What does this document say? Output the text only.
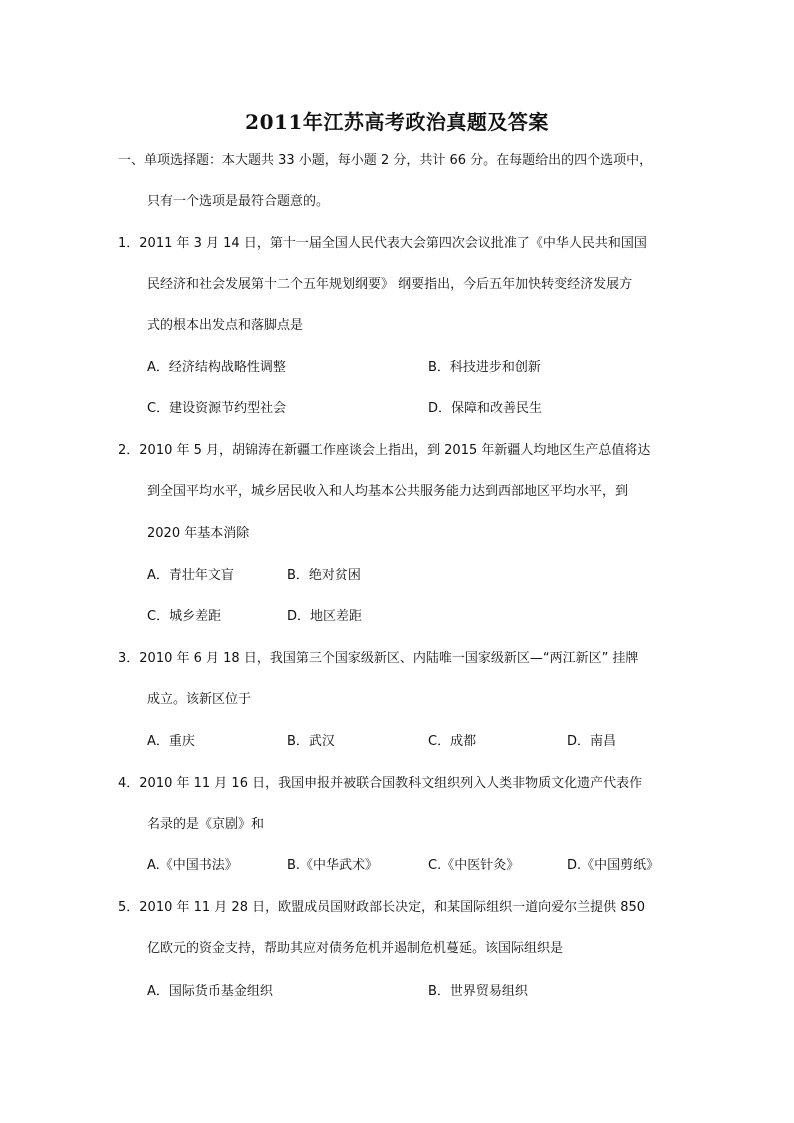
2011年江苏高考政治真题及答案
一、单项选择题：本大题共 33 小题，每小题 2 分，共计 66 分。在每题给出的四个选项中，
只有一个选项是最符合题意的。
1．2011 年 3 月 14 日，第十一届全国人民代表大会第四次会议批准了《中华人民共和国国
民经济和社会发展第十二个五年规划纲要》 纲要指出，今后五年加快转变经济发展方
式的根本出发点和落脚点是
A．经济结构战略性调整	B．科技进步和创新
C．建设资源节约型社会	D．保障和改善民生
2．2010 年 5 月，胡锦涛在新疆工作座谈会上指出，到 2015 年新疆人均地区生产总值将达
到全国平均水平，城乡居民收入和人均基本公共服务能力达到西部地区平均水平，到
2020 年基本消除
A．青壮年文盲	B．绝对贫困
C．城乡差距	D．地区差距
3．2010 年 6 月 18 日，我国第三个国家级新区、内陆唯一国家级新区—“两江新区” 挂牌
成立。该新区位于
A．重庆	B．武汉	C．成都	D．南昌
4．2010 年 11 月 16 日，我国申报并被联合国教科文组织列入人类非物质文化遗产代表作
名录的是《京剧》和
A.《中国书法》	B.《中华武术》	C.《中医针灸》	D.《中国剪纸》
5．2010 年 11 月 28 日，欧盟成员国财政部长决定，和某国际组织一道向爱尔兰提供 850
亿欧元的资金支持，帮助其应对债务危机并遏制危机蔓延。该国际组织是
A．国际货币基金组织	B．世界贸易组织
